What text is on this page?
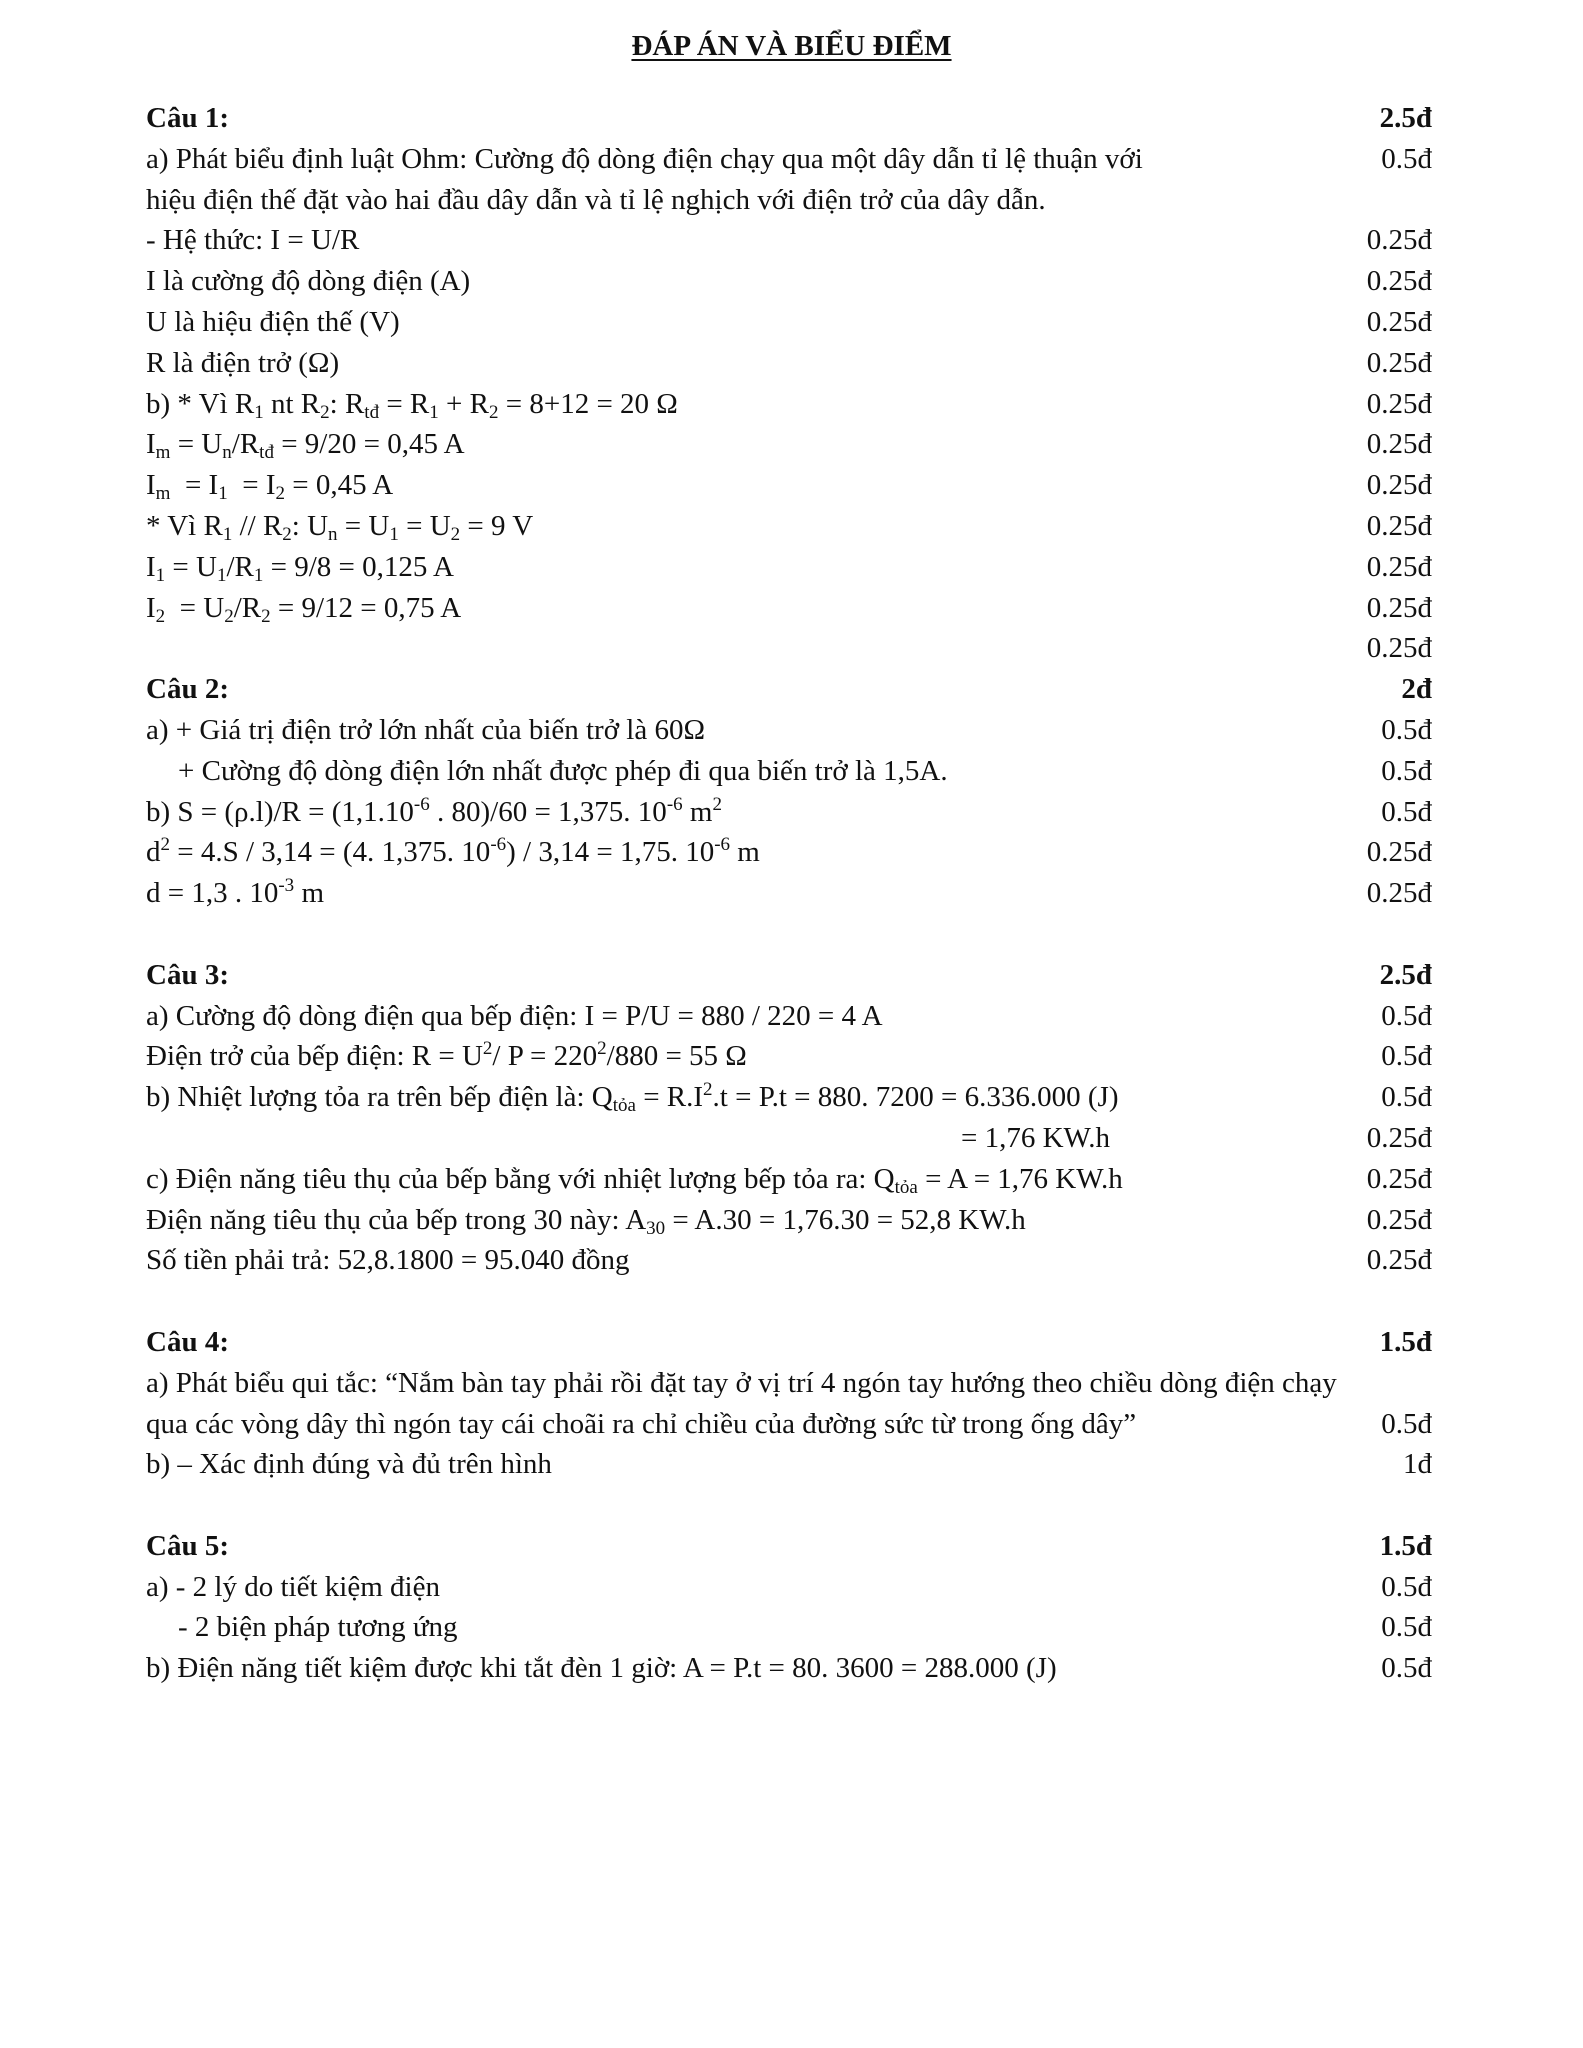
ĐÁP ÁN VÀ BIỂU ĐIỂM
Câu 1:	2.5đ
a) Phát biểu định luật Ohm: Cường độ dòng điện chạy qua một dây dẫn tỉ lệ thuận với	0.5đ
hiệu điện thế đặt vào hai đầu dây dẫn và tỉ lệ nghịch với điện trở của dây dẫn.
- Hệ thức: I = U/R	0.25đ
I là cường độ dòng điện (A)	0.25đ
U là hiệu điện thế (V)	0.25đ
R là điện trở (Ω)	0.25đ
b) * Vì $R_1$ nt $R_2$: $R_{tđ} = R_1 + R_2 = 8+12 = 20$ Ω	0.25đ
$I_m = U_n/R_{tđ} = 9/20 = 0,45$ A	0.25đ
$I_m = I_1 = I_2 = 0,45$ A	0.25đ
* Vì $R_1 // R_2$: $U_n = U_1 = U_2 = 9$ V	0.25đ
$I_1 = U_1/R_1 = 9/8 = 0,125$ A	0.25đ
$I_2 = U_2/R_2 = 9/12 = 0,75$ A	0.25đ
0.25đ
Câu 2:	2đ
a) + Giá trị điện trở lớn nhất của biến trở là 60Ω	0.5đ
+ Cường độ dòng điện lớn nhất được phép đi qua biến trở là 1,5A.	0.5đ
b) $S = (\rho.l)/R = (1,1.10^{-6}$ . 80)/60 = 1,375. $10^{-6}$ $m^2$	0.5đ
$d^2 = 4.S / 3,14 = (4$. 1,375. $10^{-6}) / 3,14 = 1,75$. $10^{-6}$ m	0.25đ
d = 1,3 . $10^{-3}$ m	0.25đ
Câu 3:	2.5đ
a) Cường độ dòng điện qua bếp điện: I = P/U = 880 / 220 = 4 A	0.5đ
Điện trở của bếp điện: $R = U^2/$ $P = 220^2/880 = 55$ Ω	0.5đ
b) Nhiệt lượng tỏa ra trên bếp điện là: $Q_{tỏa} = R.I^2.t = P.t = 880$. 7200 = 6.336.000 (J)	0.5đ
= 1,76 KW.h	0.25đ
c) Điện năng tiêu thụ của bếp bằng với nhiệt lượng bếp tỏa ra: $Q_{tỏa} = A = 1,76$ KW.h	0.25đ
Điện năng tiêu thụ của bếp trong 30 này: $A_{30} = A.30 = 1,76.30 = 52,8$ KW.h	0.25đ
Số tiền phải trả: 52,8.1800 = 95.040 đồng	0.25đ
Câu 4:	1.5đ
a) Phát biểu qui tắc: “Nắm bàn tay phải rồi đặt tay ở vị trí 4 ngón tay hướng theo chiều dòng điện chạy
qua các vòng dây thì ngón tay cái choãi ra chỉ chiều của đường sức từ trong ống dây”	0.5đ
b) – Xác định đúng và đủ trên hình	1đ
Câu 5:	1.5đ
a) - 2 lý do tiết kiệm điện	0.5đ
- 2 biện pháp tương ứng	0.5đ
b) Điện năng tiết kiệm được khi tắt đèn 1 giờ: A = P.t = 80. 3600 = 288.000 (J)	0.5đ
